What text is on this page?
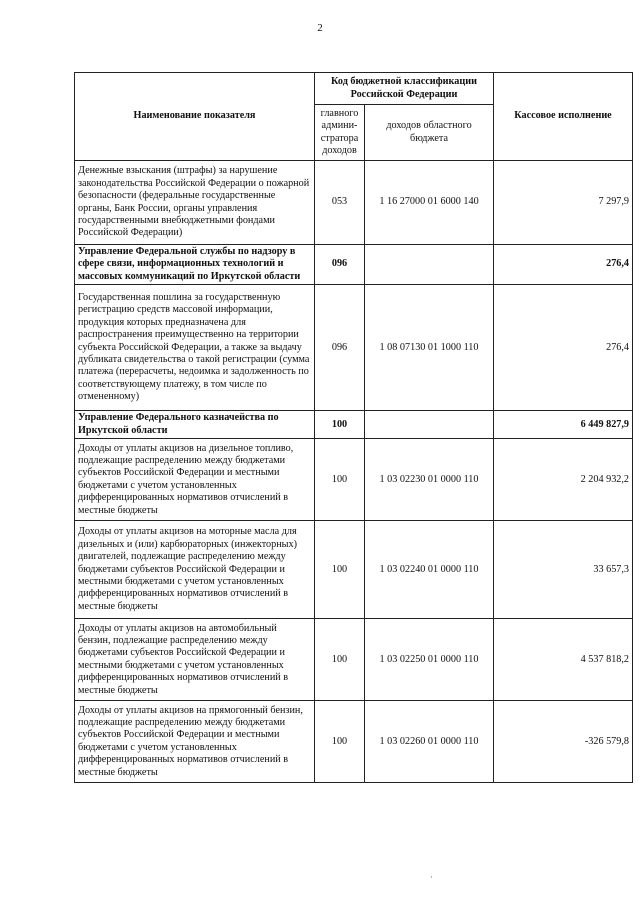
2
Наименование показателя	Код бюджетной классификации Российской Федерации		Кассовое исполнение
	главного админи-стратора доходов	доходов областного бюджета	
Денежные взыскания (штрафы) за нарушение законодательства Российской Федерации о пожарной безопасности (федеральные государственные органы, Банк России, органы управления государственными внебюджетными фондами Российской Федерации)	053	1 16 27000 01 6000 140	7 297,9
Управление Федеральной службы по надзору в сфере связи, информационных технологий и массовых коммуникаций по Иркутской области	096		276,4
Государственная пошлина за государственную регистрацию средств массовой информации, продукция которых предназначена для распространения преимущественно на территории субъекта Российской Федерации, а также за выдачу дубликата свидетельства о такой регистрации (сумма платежа (перерасчеты, недоимка и задолженность по соответствующему платежу, в том числе по отмененному)	096	1 08 07130 01 1000 110	276,4
Управление Федерального казначейства по Иркутской области	100		6 449 827,9
Доходы от уплаты акцизов на дизельное топливо, подлежащие распределению между бюджетами субъектов Российской Федерации и местными бюджетами с учетом установленных дифференцированных нормативов отчислений в местные бюджеты	100	1 03 02230 01 0000 110	2 204 932,2
Доходы от уплаты акцизов на моторные масла для дизельных и (или) карбюраторных (инжекторных) двигателей, подлежащие распределению между бюджетами субъектов Российской Федерации и местными бюджетами с учетом установленных дифференцированных нормативов отчислений в местные бюджеты	100	1 03 02240 01 0000 110	33 657,3
Доходы от уплаты акцизов на автомобильный бензин, подлежащие распределению между бюджетами субъектов Российской Федерации и местными бюджетами с учетом установленных дифференцированных нормативов отчислений в местные бюджеты	100	1 03 02250 01 0000 110	4 537 818,2
Доходы от уплаты акцизов на прямогонный бензин, подлежащие распределению между бюджетами субъектов Российской Федерации и местными бюджетами с учетом установленных дифференцированных нормативов отчислений в местные бюджеты	100	1 03 02260 01 0000 110	-326 579,8
·
